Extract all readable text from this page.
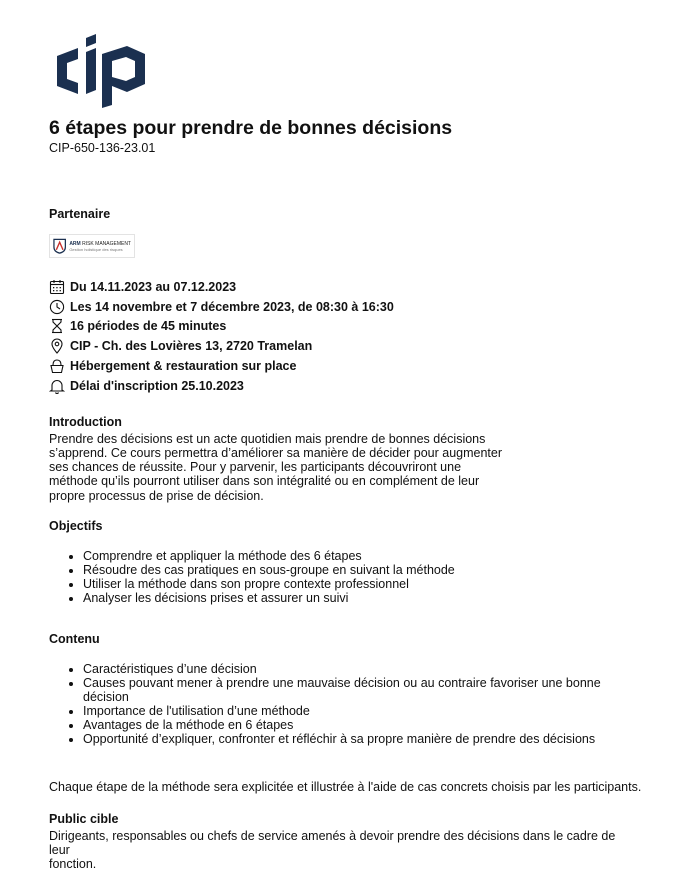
6 étapes pour prendre de bonnes décisions
CIP-650-136-23.01
Partenaire
ARM RISK MANAGEMENT
Gestion holistique des risques
Du 14.11.2023 au 07.12.2023
Les 14 novembre et 7 décembre 2023, de 08:30 à 16:30
16 périodes de 45 minutes
CIP - Ch. des Lovières 13, 2720 Tramelan
Hébergement & restauration sur place
Délai d'inscription 25.10.2023
Introduction

Prendre des décisions est un acte quotidien mais prendre de bonnes décisions
s’apprend. Ce cours permettra d’améliorer sa manière de décider pour augmenter
ses chances de réussite. Pour y parvenir, les participants découvriront une
méthode qu’ils pourront utiliser dans son intégralité ou en complément de leur
propre processus de prise de décision.

Objectifs
• Comprendre et appliquer la méthode des 6 étapes
• Résoudre des cas pratiques en sous-groupe en suivant la méthode
• Utiliser la méthode dans son propre contexte professionnel
• Analyser les décisions prises et assurer un suivi
Contenu
• Caractéristiques d’une décision
• Causes pouvant mener à prendre une mauvaise décision ou au contraire favoriser une bonne décision
• Importance de l'utilisation d’une méthode
• Avantages de la méthode en 6 étapes
• Opportunité d’expliquer, confronter et réfléchir à sa propre manière de prendre des décisions

Chaque étape de la méthode sera explicitée et illustrée à l'aide de cas concrets choisis par les participants.

Public cible

Dirigeants, responsables ou chefs de service amenés à devoir prendre des décisions dans le cadre de leur
fonction.
